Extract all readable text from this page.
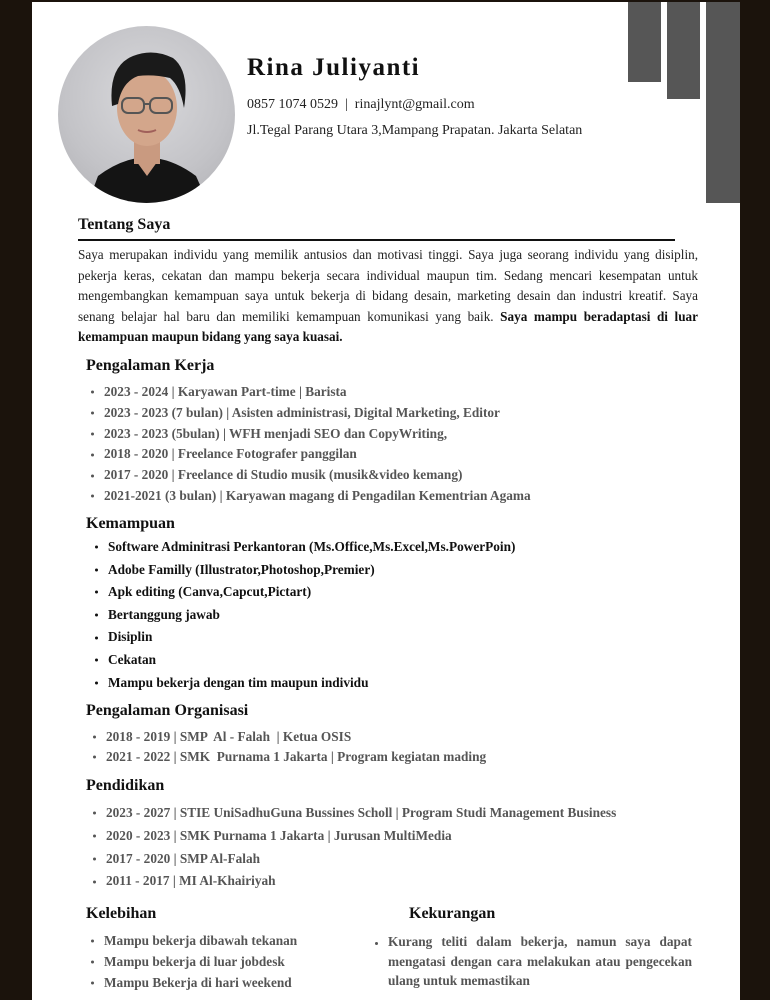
Rina Juliyanti
0857 1074 0529  |  rinajlynt@gmail.com
Jl.Tegal Parang Utara 3,Mampang Prapatan. Jakarta Selatan
Tentang Saya
Saya merupakan individu yang memilik antusios dan motivasi tinggi. Saya juga seorang individu yang disiplin, pekerja keras, cekatan dan mampu bekerja secara individual maupun tim. Sedang mencari kesempatan untuk mengembangkan kemampuan saya untuk bekerja di bidang desain, marketing desain dan industri kreatif. Saya senang belajar hal baru dan memiliki kemampuan komunikasi yang baik. Saya mampu beradaptasi di luar kemampuan maupun bidang yang saya kuasai.
Pengalaman Kerja
2023 - 2024 | Karyawan Part-time | Barista
2023 - 2023 (7 bulan) | Asisten administrasi, Digital Marketing, Editor
2023 - 2023 (5bulan) | WFH menjadi SEO dan CopyWriting,
2018 - 2020 | Freelance Fotografer panggilan
2017 - 2020 | Freelance di Studio musik (musik&video kemang)
2021-2021 (3 bulan) | Karyawan magang di Pengadilan Kementrian Agama
Kemampuan
Software Adminitrasi Perkantoran (Ms.Office,Ms.Excel,Ms.PowerPoin)
Adobe Familly (Illustrator,Photoshop,Premier)
Apk editing (Canva,Capcut,Pictart)
Bertanggung jawab
Disiplin
Cekatan
Mampu bekerja dengan tim maupun individu
Pengalaman Organisasi
2018 - 2019 | SMP  Al - Falah  | Ketua OSIS
2021 - 2022 | SMK  Purnama 1 Jakarta | Program kegiatan mading
Pendidikan
2023 - 2027 | STIE UniSadhuGuna Bussines Scholl | Program Studi Management Business
2020 - 2023 | SMK Purnama 1 Jakarta | Jurusan MultiMedia
2017 - 2020 | SMP Al-Falah
2011 - 2017 | MI Al-Khairiyah
Kelebihan
Mampu bekerja dibawah tekanan
Mampu bekerja di luar jobdesk
Mampu Bekerja di hari weekend
Kekurangan
Kurang teliti dalam bekerja, namun saya dapat mengatasi dengan cara melakukan atau pengecekan ulang untuk memastikan
